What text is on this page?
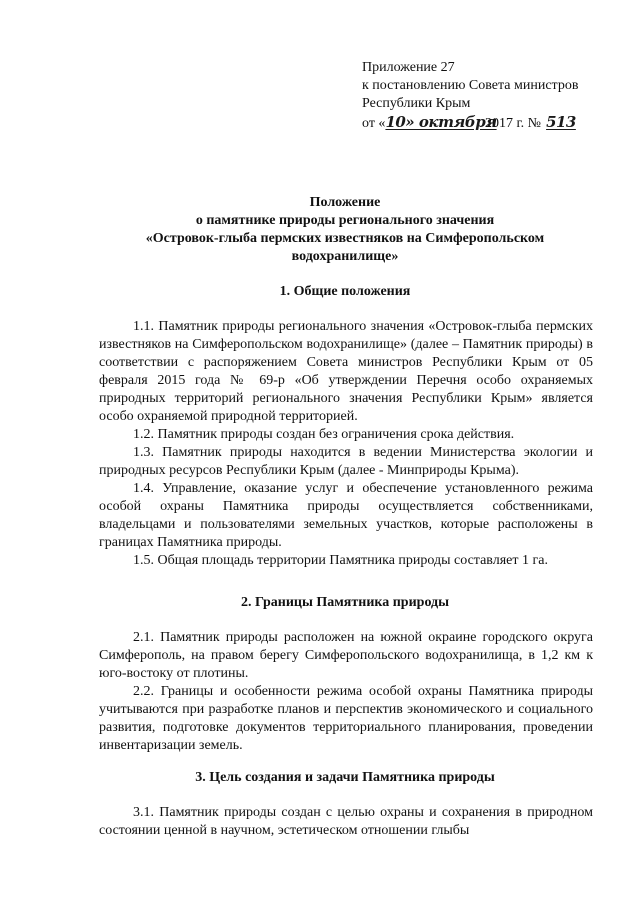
Приложение 27
к постановлению Совета министров
Республики Крым
от «10» октября 2017 г. № 513
Положение
о памятнике природы регионального значения
«Островок-глыба пермских известняков на Симферопольском
водохранилище»
1. Общие положения

1.1. Памятник природы регионального значения «Островок-глыба пермских известняков на Симферопольском водохранилище» (далее – Памятник природы) в соответствии с распоряжением Совета министров Республики Крым от 05 февраля 2015 года № 69-р «Об утверждении Перечня особо охраняемых природных территорий регионального значения Республики Крым» является особо охраняемой природной территорией.

1.2. Памятник природы создан без ограничения срока действия.

1.3. Памятник природы находится в ведении Министерства экологии и природных ресурсов Республики Крым (далее - Минприроды Крыма).

1.4. Управление, оказание услуг и обеспечение установленного режима особой охраны Памятника природы осуществляется собственниками, владельцами и пользователями земельных участков, которые расположены в границах Памятника природы.

1.5. Общая площадь территории Памятника природы составляет 1 га.

2. Границы Памятника природы

2.1. Памятник природы расположен на южной окраине городского округа Симферополь, на правом берегу Симферопольского водохранилища, в 1,2 км к юго-востоку от плотины.

2.2. Границы и особенности режима особой охраны Памятника природы учитываются при разработке планов и перспектив экономического и социального развития, подготовке документов территориального планирования, проведении инвентаризации земель.

3. Цель создания и задачи Памятника природы

3.1. Памятник природы создан с целью охраны и сохранения в природном состоянии ценной в научном, эстетическом отношении глыбы
